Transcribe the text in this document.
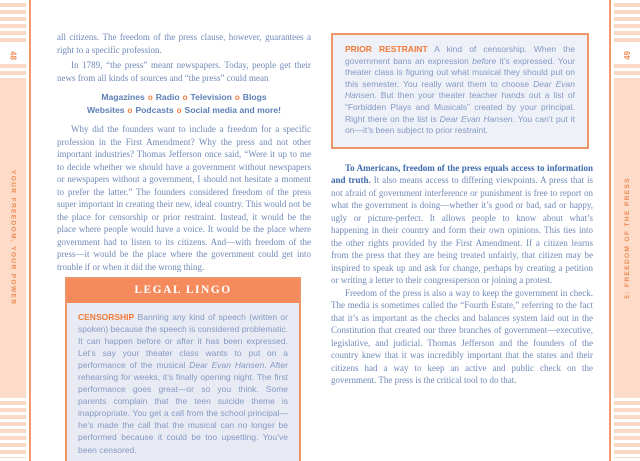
48
YOUR FREEDOM, YOUR POWER
49
5: FREEDOM OF THE PRESS

all citizens. The freedom of the press clause, however, guarantees a right to a specific profession.

In 1789, “the press” meant newspapers. Today, people get their news from all kinds of sources and “the press” could mean

Magazines o Radio o Television o Blogs
Websites o Podcasts o Social media and more!

Why did the founders want to include a freedom for a specific profession in the First Amendment? Why the press and not other important industries? Thomas Jefferson once said, “Were it up to me to decide whether we should have a government without newspapers or newspapers without a government, I should not hesitate a moment to prefer the latter.” The founders considered freedom of the press super important in creating their new, ideal country. This would not be the place for censorship or prior restraint. Instead, it would be the place where people would have a voice. It would be the place where government had to listen to its citizens. And—with freedom of the press—it would be the place where the government could get into trouble if or when it did the wrong thing.

LEGAL LINGO
CENSORSHIP Banning any kind of speech (written or spoken) because the speech is considered problematic. It can happen before or after it has been expressed. Let’s say your theater class wants to put on a performance of the musical Dear Evan Hansen. After rehearsing for weeks, it’s finally opening night. The first performance goes great—or so you think. Some parents complain that the teen suicide theme is inappropriate. You get a call from the school principal—he’s made the call that the musical can no longer be performed because it could be too upsetting. You’ve been censored.
PRIOR RESTRAINT A kind of censorship. When the government bans an expression before it’s expressed. Your theater class is figuring out what musical they should put on this semester. You really want them to choose Dear Evan Hansen. But then your theater teacher hands out a list of “Forbidden Plays and Musicals” created by your principal. Right there on the list is Dear Evan Hansen. You can’t put it on—it’s been subject to prior restraint.

To Americans, freedom of the press equals access to information and truth. It also means access to differing viewpoints. A press that is not afraid of government interference or punishment is free to report on what the government is doing—whether it’s good or bad, sad or happy, ugly or picture-perfect. It allows people to know about what’s happening in their country and form their own opinions. This ties into the other rights provided by the First Amendment. If a citizen learns from the press that they are being treated unfairly, that citizen may be inspired to speak up and ask for change, perhaps by creating a petition or writing a letter to their congressperson or joining a protest.

Freedom of the press is also a way to keep the government in check. The media is sometimes called the “Fourth Estate,” referring to the fact that it’s as important as the checks and balances system laid out in the Constitution that created our three branches of government—executive, legislative, and judicial. Thomas Jefferson and the founders of the country knew that it was incredibly important that the states and their citizens had a way to keep an active and public check on the government. The press is the critical tool to do that.
